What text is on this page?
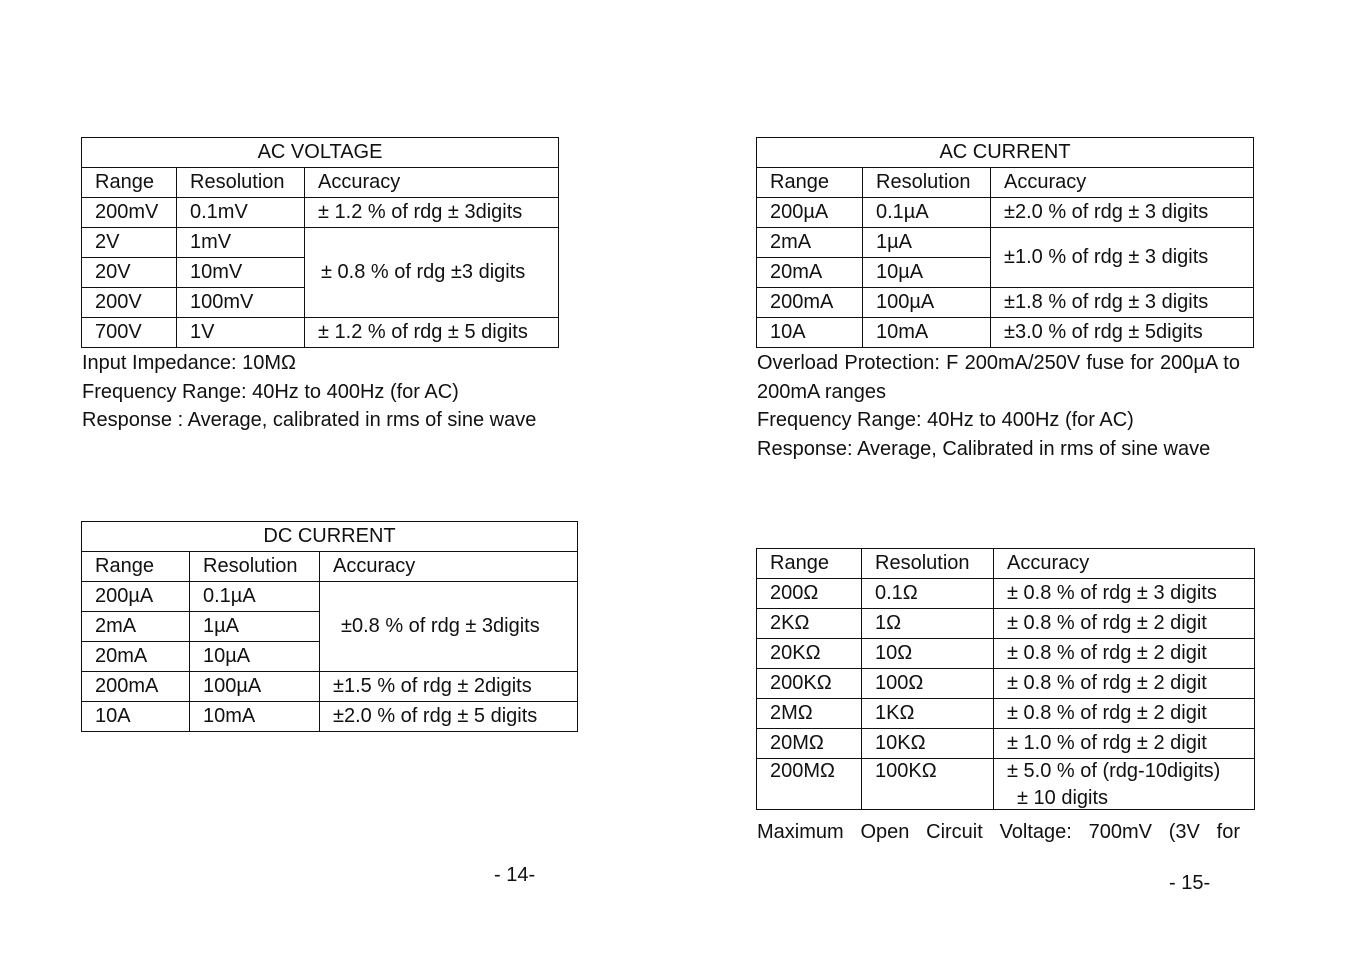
AC VOLTAGE		
Range	Resolution	Accuracy
200mV	0.1mV	± 1.2 % of rdg ± 3digits
2V	1mV	± 0.8 % of rdg ±3 digits
20V	10mV	
200V	100mV	
700V	1V	± 1.2 % of rdg ± 5 digits

Input Impedance: 10MΩ

Frequency Range: 40Hz to 400Hz (for AC)

Response : Average, calibrated in rms of sine wave

DC CURRENT		
Range	Resolution	Accuracy
200µA	0.1µA	±0.8 % of rdg ± 3digits
2mA	1µA	
20mA	10µA	
200mA	100µA	±1.5 % of rdg ± 2digits
10A	10mA	±2.0 % of rdg ± 5 digits
- 14-
AC CURRENT		
Range	Resolution	Accuracy
200µA	0.1µA	±2.0 % of rdg ± 3 digits
2mA	1µA	±1.0 % of rdg ± 3 digits
20mA	10µA	
200mA	100µA	±1.8 % of rdg ± 3 digits
10A	10mA	±3.0 % of rdg ± 5digits

Overload Protection: F 200mA/250V fuse for 200µA to 200mA ranges

Frequency Range: 40Hz to 400Hz (for AC)

Response: Average, Calibrated in rms of sine wave

Range	Resolution	Accuracy
200Ω	0.1Ω	± 0.8 % of rdg ± 3 digits
2KΩ	1Ω	± 0.8 % of rdg ± 2 digit
20KΩ	10Ω	± 0.8 % of rdg ± 2 digit
200KΩ	100Ω	± 0.8 % of rdg ± 2 digit
2MΩ	1KΩ	± 0.8 % of rdg ± 2 digit
20MΩ	10KΩ	± 1.0 % of rdg ± 2 digit
200MΩ	100KΩ	± 5.0 % of (rdg-10digits)
± 10 digits

Maximum Open Circuit Voltage: 700mV (3V for

- 15-
